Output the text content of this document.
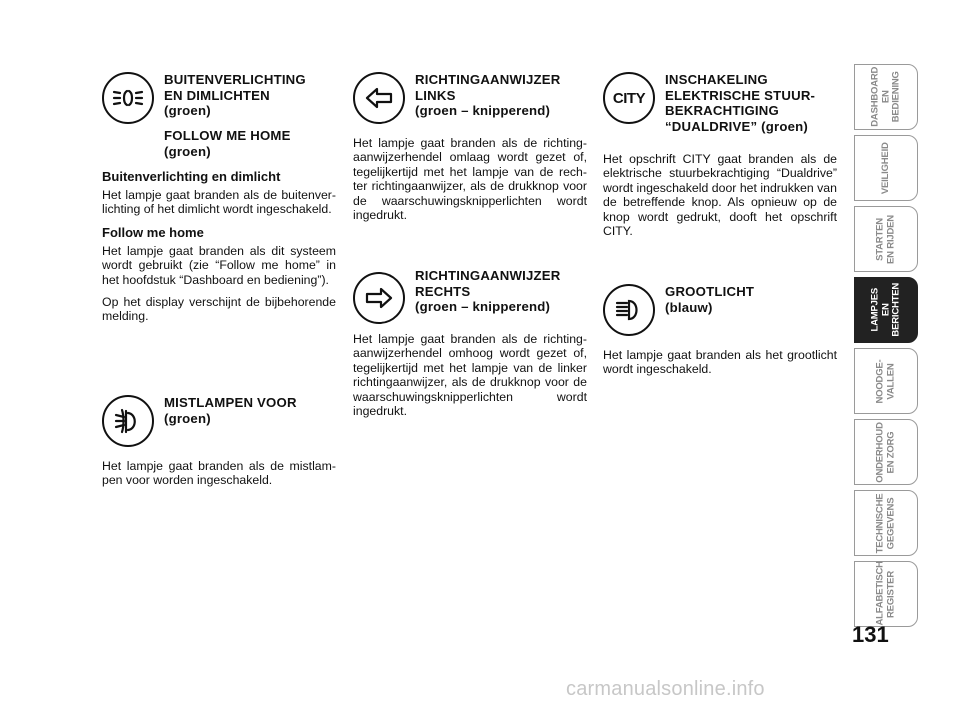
BUITENVERLICHTING
EN DIMLICHTEN
(groen)
FOLLOW ME HOME
(groen)
Buitenverlichting en dimlicht

Het lampje gaat branden als de buitenver-lichting of het dimlicht wordt ingeschakeld.

Follow me home

Het lampje gaat branden als dit systeem wordt gebruikt (zie “Follow me home” in het hoofdstuk “Dashboard en bediening”).

Op het display verschijnt de bijbehorende melding.

MISTLAMPEN VOOR
(groen)

Het lampje gaat branden als de mistlam-pen voor worden ingeschakeld.

RICHTINGAANWIJZER
LINKS
(groen – knipperend)

Het lampje gaat branden als de richting-aanwijzerhendel omlaag wordt gezet of, tegelijkertijd met het lampje van de rech-ter richtingaanwijzer, als de drukknop voor de waarschuwingsknipperlichten wordt ingedrukt.

RICHTINGAANWIJZER
RECHTS
(groen – knipperend)

Het lampje gaat branden als de richting-aanwijzerhendel omhoog wordt gezet of, tegelijkertijd met het lampje van de linker richtingaanwijzer, als de drukknop voor de waarschuwingsknipperlichten wordt ingedrukt.

CITY
INSCHAKELING
ELEKTRISCHE STUUR-
BEKRACHTIGING
“DUALDRIVE” (groen)

Het opschrift CITY gaat branden als de elektrische stuurbekrachtiging “Dualdrive” wordt ingeschakeld door het indrukken van de betreffende knop. Als opnieuw op de knop wordt gedrukt, dooft het opschrift CITY.

GROOTLICHT
(blauw)

Het lampje gaat branden als het grootlicht wordt ingeschakeld.

DASHBOARD
EN BEDIENING
VEILIGHEID
STARTEN
EN RIJDEN
LAMPJES
EN BERICHTEN
NOODGE-
VALLEN
ONDERHOUD
EN ZORG
TECHNISCHE
GEGEVENS
ALFABETISCH
REGISTER
131
carmanualsonline.info
